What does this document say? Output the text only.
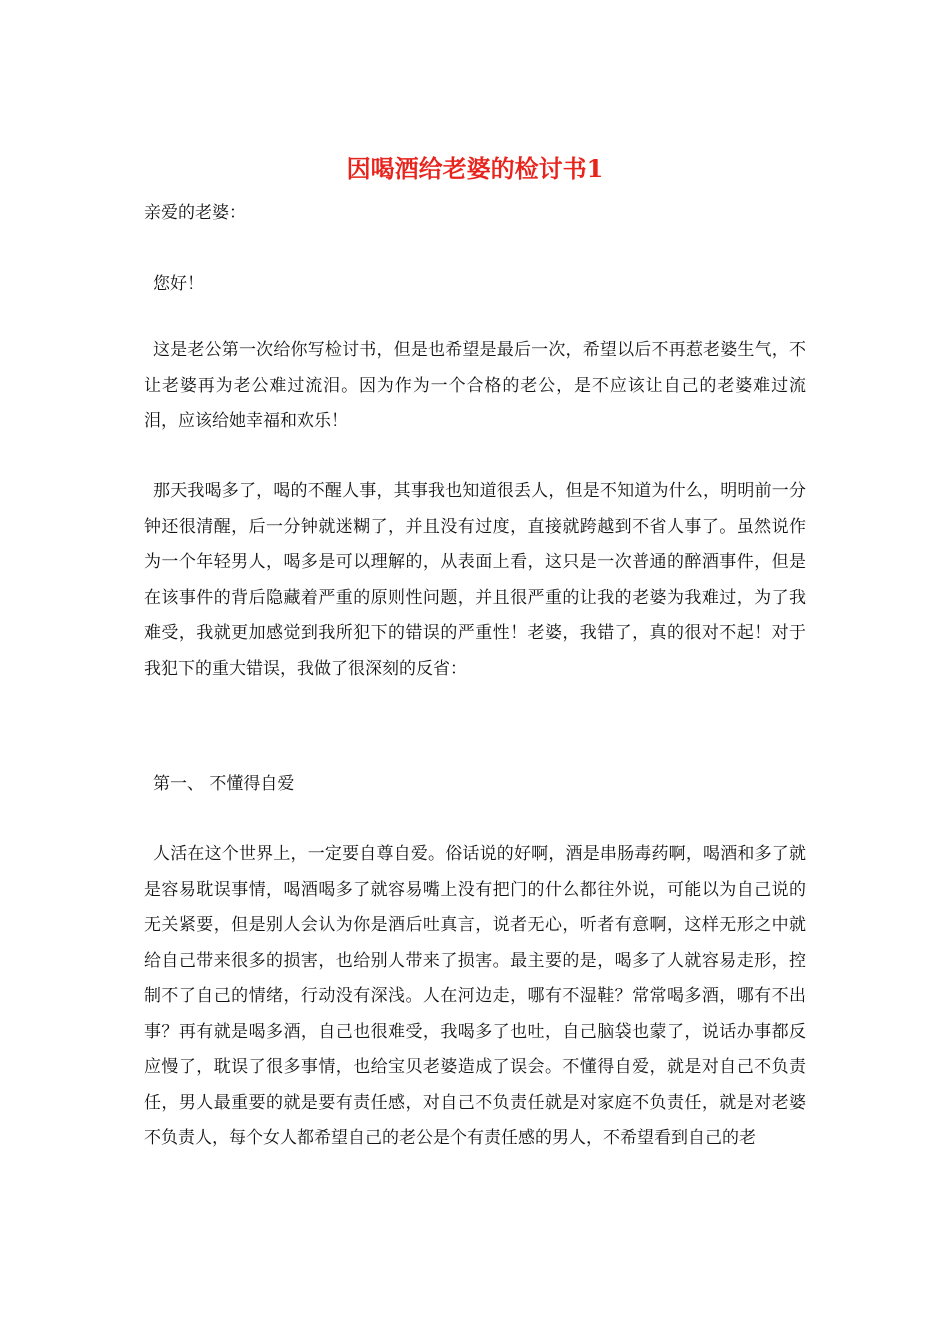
因喝酒给老婆的检讨书1

亲爱的老婆：

您好！

这是老公第一次给你写检讨书，但是也希望是最后一次，希望以后不再惹老婆生气，不让老婆再为老公难过流泪。因为作为一个合格的老公，是不应该让自己的老婆难过流泪，应该给她幸福和欢乐！

那天我喝多了，喝的不醒人事，其事我也知道很丢人，但是不知道为什么，明明前一分钟还很清醒，后一分钟就迷糊了，并且没有过度，直接就跨越到不省人事了。虽然说作为一个年轻男人，喝多是可以理解的，从表面上看，这只是一次普通的醉酒事件，但是在该事件的背后隐藏着严重的原则性问题，并且很严重的让我的老婆为我难过，为了我难受，我就更加感觉到我所犯下的错误的严重性！老婆，我错了，真的很对不起！对于我犯下的重大错误，我做了很深刻的反省：

第一、 不懂得自爱

人活在这个世界上，一定要自尊自爱。俗话说的好啊，酒是串肠毒药啊，喝酒和多了就是容易耽误事情，喝酒喝多了就容易嘴上没有把门的什么都往外说，可能以为自己说的无关紧要，但是别人会认为你是酒后吐真言，说者无心，听者有意啊，这样无形之中就给自己带来很多的损害，也给别人带来了损害。最主要的是，喝多了人就容易走形，控制不了自己的情绪，行动没有深浅。人在河边走，哪有不湿鞋？常常喝多酒，哪有不出事？再有就是喝多酒，自己也很难受，我喝多了也吐，自己脑袋也蒙了，说话办事都反应慢了，耽误了很多事情，也给宝贝老婆造成了误会。不懂得自爱，就是对自己不负责任，男人最重要的就是要有责任感，对自己不负责任就是对家庭不负责任，就是对老婆不负责人，每个女人都希望自己的老公是个有责任感的男人，不希望看到自己的老
